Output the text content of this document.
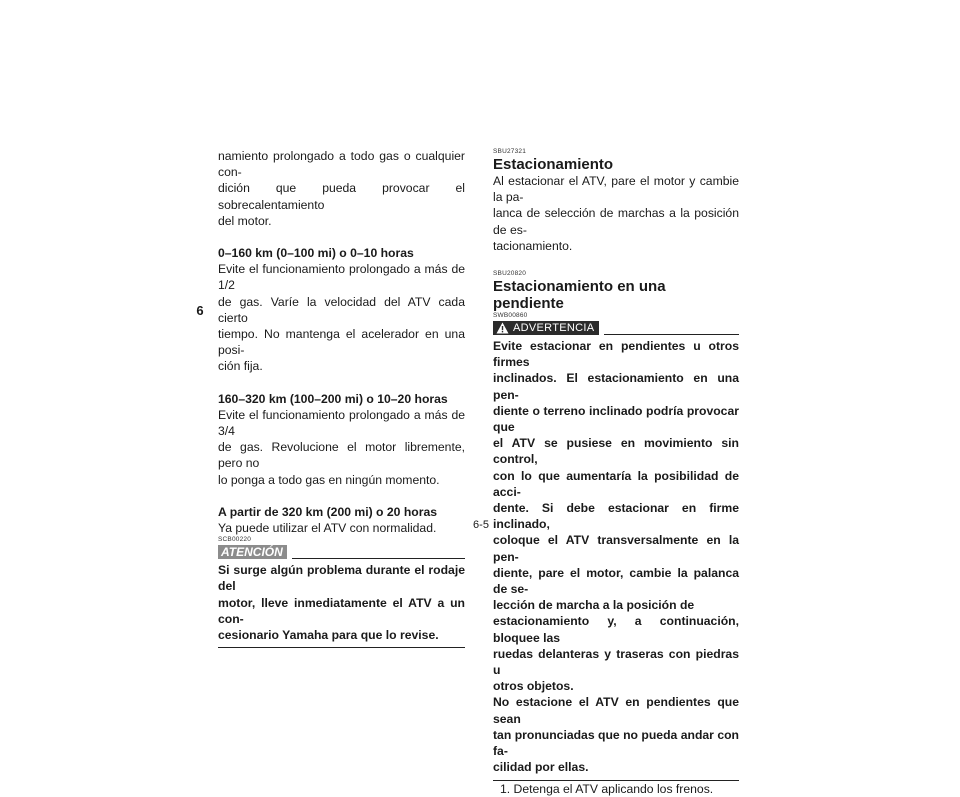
6

namiento prolongado a todo gas o cualquier con-

dición que pueda provocar el sobrecalentamiento

del motor.

0–160 km (0–100 mi) o 0–10 horas

Evite el funcionamiento prolongado a más de 1/2

de gas. Varíe la velocidad del ATV cada cierto

tiempo. No mantenga el acelerador en una posi-

ción fija.

160–320 km (100–200 mi) o 10–20 horas

Evite el funcionamiento prolongado a más de 3/4

de gas. Revolucione el motor libremente, pero no

lo ponga a todo gas en ningún momento.

A partir de 320 km (200 mi) o 20 horas

Ya puede utilizar el ATV con normalidad.

SCB00220
ATENCIÓN

Si surge algún problema durante el rodaje del

motor, lleve inmediatamente el ATV a un con-

cesionario Yamaha para que lo revise.

SBU27321
Estacionamiento

Al estacionar el ATV, pare el motor y cambie la pa-

lanca de selección de marchas a la posición de es-

tacionamiento.

SBU20820
Estacionamiento en una pendiente
SWB00860
ADVERTENCIA

Evite estacionar en pendientes u otros firmes

inclinados. El estacionamiento en una pen-

diente o terreno inclinado podría provocar que

el ATV se pusiese en movimiento sin control,

con lo que aumentaría la posibilidad de acci-

dente. Si debe estacionar en firme inclinado,

coloque el ATV transversalmente en la pen-

diente, pare el motor, cambie la palanca de se-

lección de marcha a la posición de

estacionamiento y, a continuación, bloquee las

ruedas delanteras y traseras con piedras u

otros objetos.

No estacione el ATV en pendientes que sean

tan pronunciadas que no pueda andar con fa-

cilidad por ellas.

1. Detenga el ATV aplicando los frenos.

6-5
